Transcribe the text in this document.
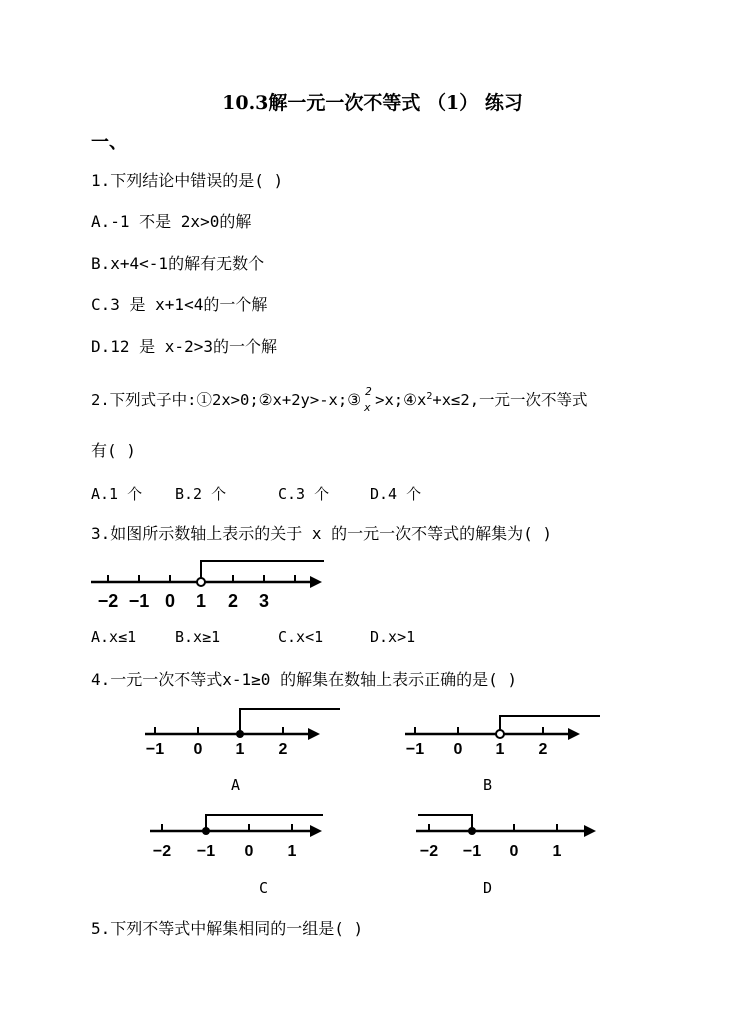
10.3解一元一次不等式 （1） 练习
一、
1.下列结论中错误的是( )
A.-1 不是 2x>0的解
B.x+4<-1的解有无数个
C.3 是 x+1<4的一个解
D.12 是 x-2>3的一个解
2.下列式子中:①2x>0;②x+2y>-x;③ 2
$x >x;④x^2+x\le 2$,一元一次不等式
有( )
A.1 个 B.2 个	C.3 个	D.4 个
3.如图所示数轴上表示的关于 x 的一元一次不等式的解集为( )
−2 −1 0 1 2 3
A.x≤1	B.x≥1	C.x<1	D.x>1
4.一元一次不等式x-1≥0 的解集在数轴上表示正确的是( )
−1 0 1 2	−1 0 1 2
−2 −1 0 1	−2 −1 0 1
A	B
C	D
5.下列不等式中解集相同的一组是( )
